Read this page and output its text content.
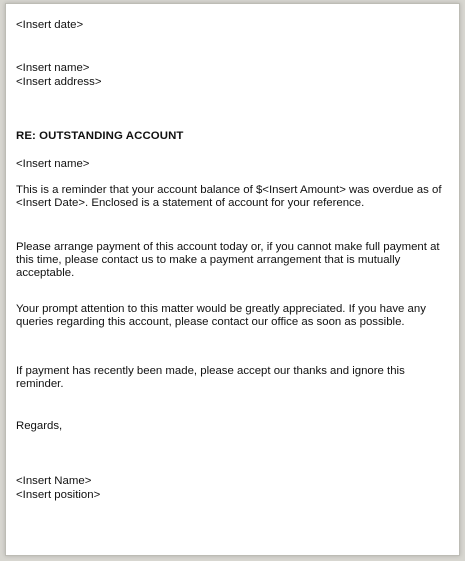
<Insert date>
<Insert name>
<Insert address>
RE: OUTSTANDING ACCOUNT
<Insert name>
This is a reminder that your account balance of $<Insert Amount> was overdue as of <Insert Date>. Enclosed is a statement of account for your reference.
Please arrange payment of this account today or, if you cannot make full payment at this time, please contact us to make a payment arrangement that is mutually acceptable.
Your prompt attention to this matter would be greatly appreciated. If you have any queries regarding this account, please contact our office as soon as possible.
If payment has recently been made, please accept our thanks and ignore this reminder.
Regards,
<Insert Name>
<Insert position>
